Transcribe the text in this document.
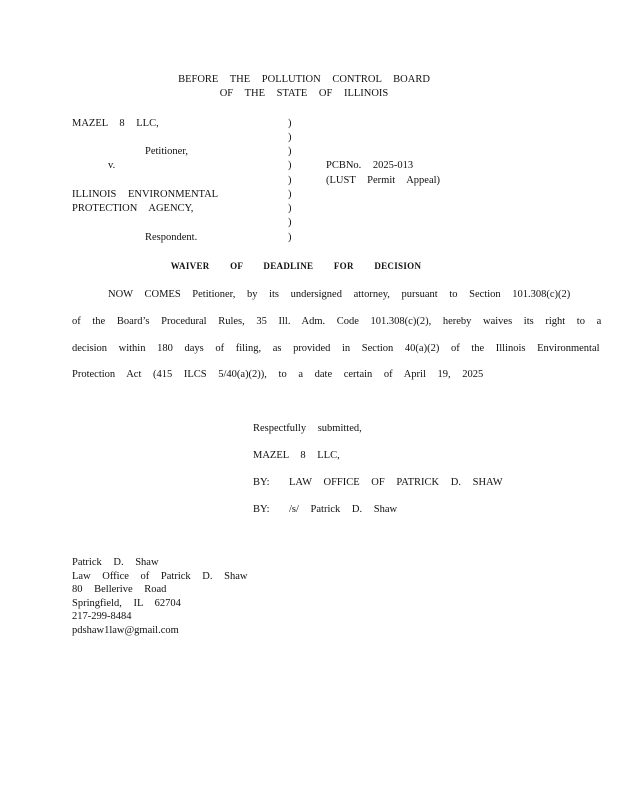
BEFORE THE POLLUTION CONTROL BOARD
OF THE STATE OF ILLINOIS
MAZEL 8 LLC,
Petitioner,
v.
ILLINOIS ENVIRONMENTAL
PROTECTION AGENCY,
Respondent.
)
)
)
)
)
)
)
)
)
PCBNo. 2025-013
(LUST Permit Appeal)
WAIVER OF DEADLINE FOR DECISION
NOW COMES Petitioner, by its undersigned attorney, pursuant to Section 101.308(c)(2)
of the Board’s Procedural Rules, 35 Ill. Adm. Code 101.308(c)(2), hereby waives its right to a
decision within 180 days of filing, as provided in Section 40(a)(2) of the Illinois Environmental
Protection Act (415 ILCS 5/40(a)(2)), to a date certain of April 19, 2025
Respectfully submitted,
MAZEL 8 LLC,
BY: LAW OFFICE OF PATRICK D. SHAW
BY: /s/ Patrick D. Shaw
Patrick D. Shaw
Law Office of Patrick D. Shaw
80 Bellerive Road
Springfield, IL 62704
217-299-8484
pdshaw1law@gmail.com
